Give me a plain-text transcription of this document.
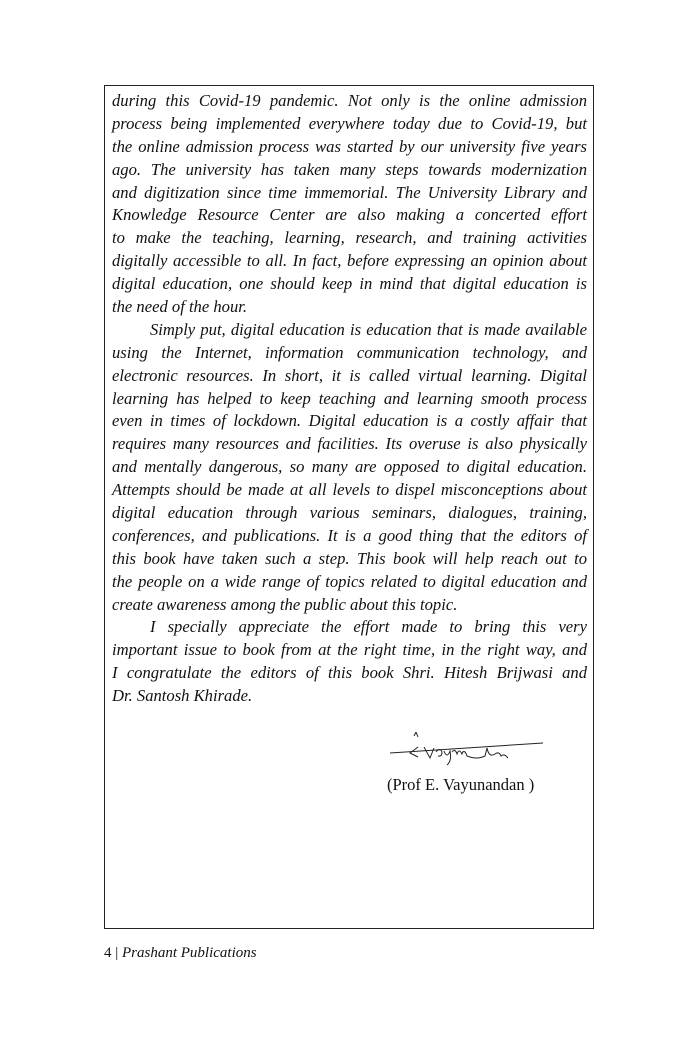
during this Covid-19 pandemic. Not only is the online admission
process being implemented everywhere today due to Covid-19, but
the online admission process was started by our university five years
ago. The university has taken many steps towards modernization
and digitization since time immemorial. The University Library and
Knowledge Resource Center are also making a concerted effort
to make the teaching, learning, research, and training activities
digitally accessible to all. In fact, before expressing an opinion about
digital education, one should keep in mind that digital education is
the need of the hour.
Simply put, digital education is education that is made available
using the Internet, information communication technology, and
electronic resources. In short, it is called virtual learning. Digital
learning has helped to keep teaching and learning smooth process
even in times of lockdown. Digital education is a costly affair that
requires many resources and facilities. Its overuse is also physically
and mentally dangerous, so many are opposed to digital education.
Attempts should be made at all levels to dispel misconceptions about
digital education through various seminars, dialogues, training,
conferences, and publications. It is a good thing that the editors of
this book have taken such a step. This book will help reach out to
the people on a wide range of topics related to digital education and
create awareness among the public about this topic.
I specially appreciate the effort made to bring this very
important issue to book from at the right time, in the right way, and
I congratulate the editors of this book Shri. Hitesh Brijwasi and
Dr. Santosh Khirade.
(Prof E. Vayunandan )
4 | Prashant Publications
